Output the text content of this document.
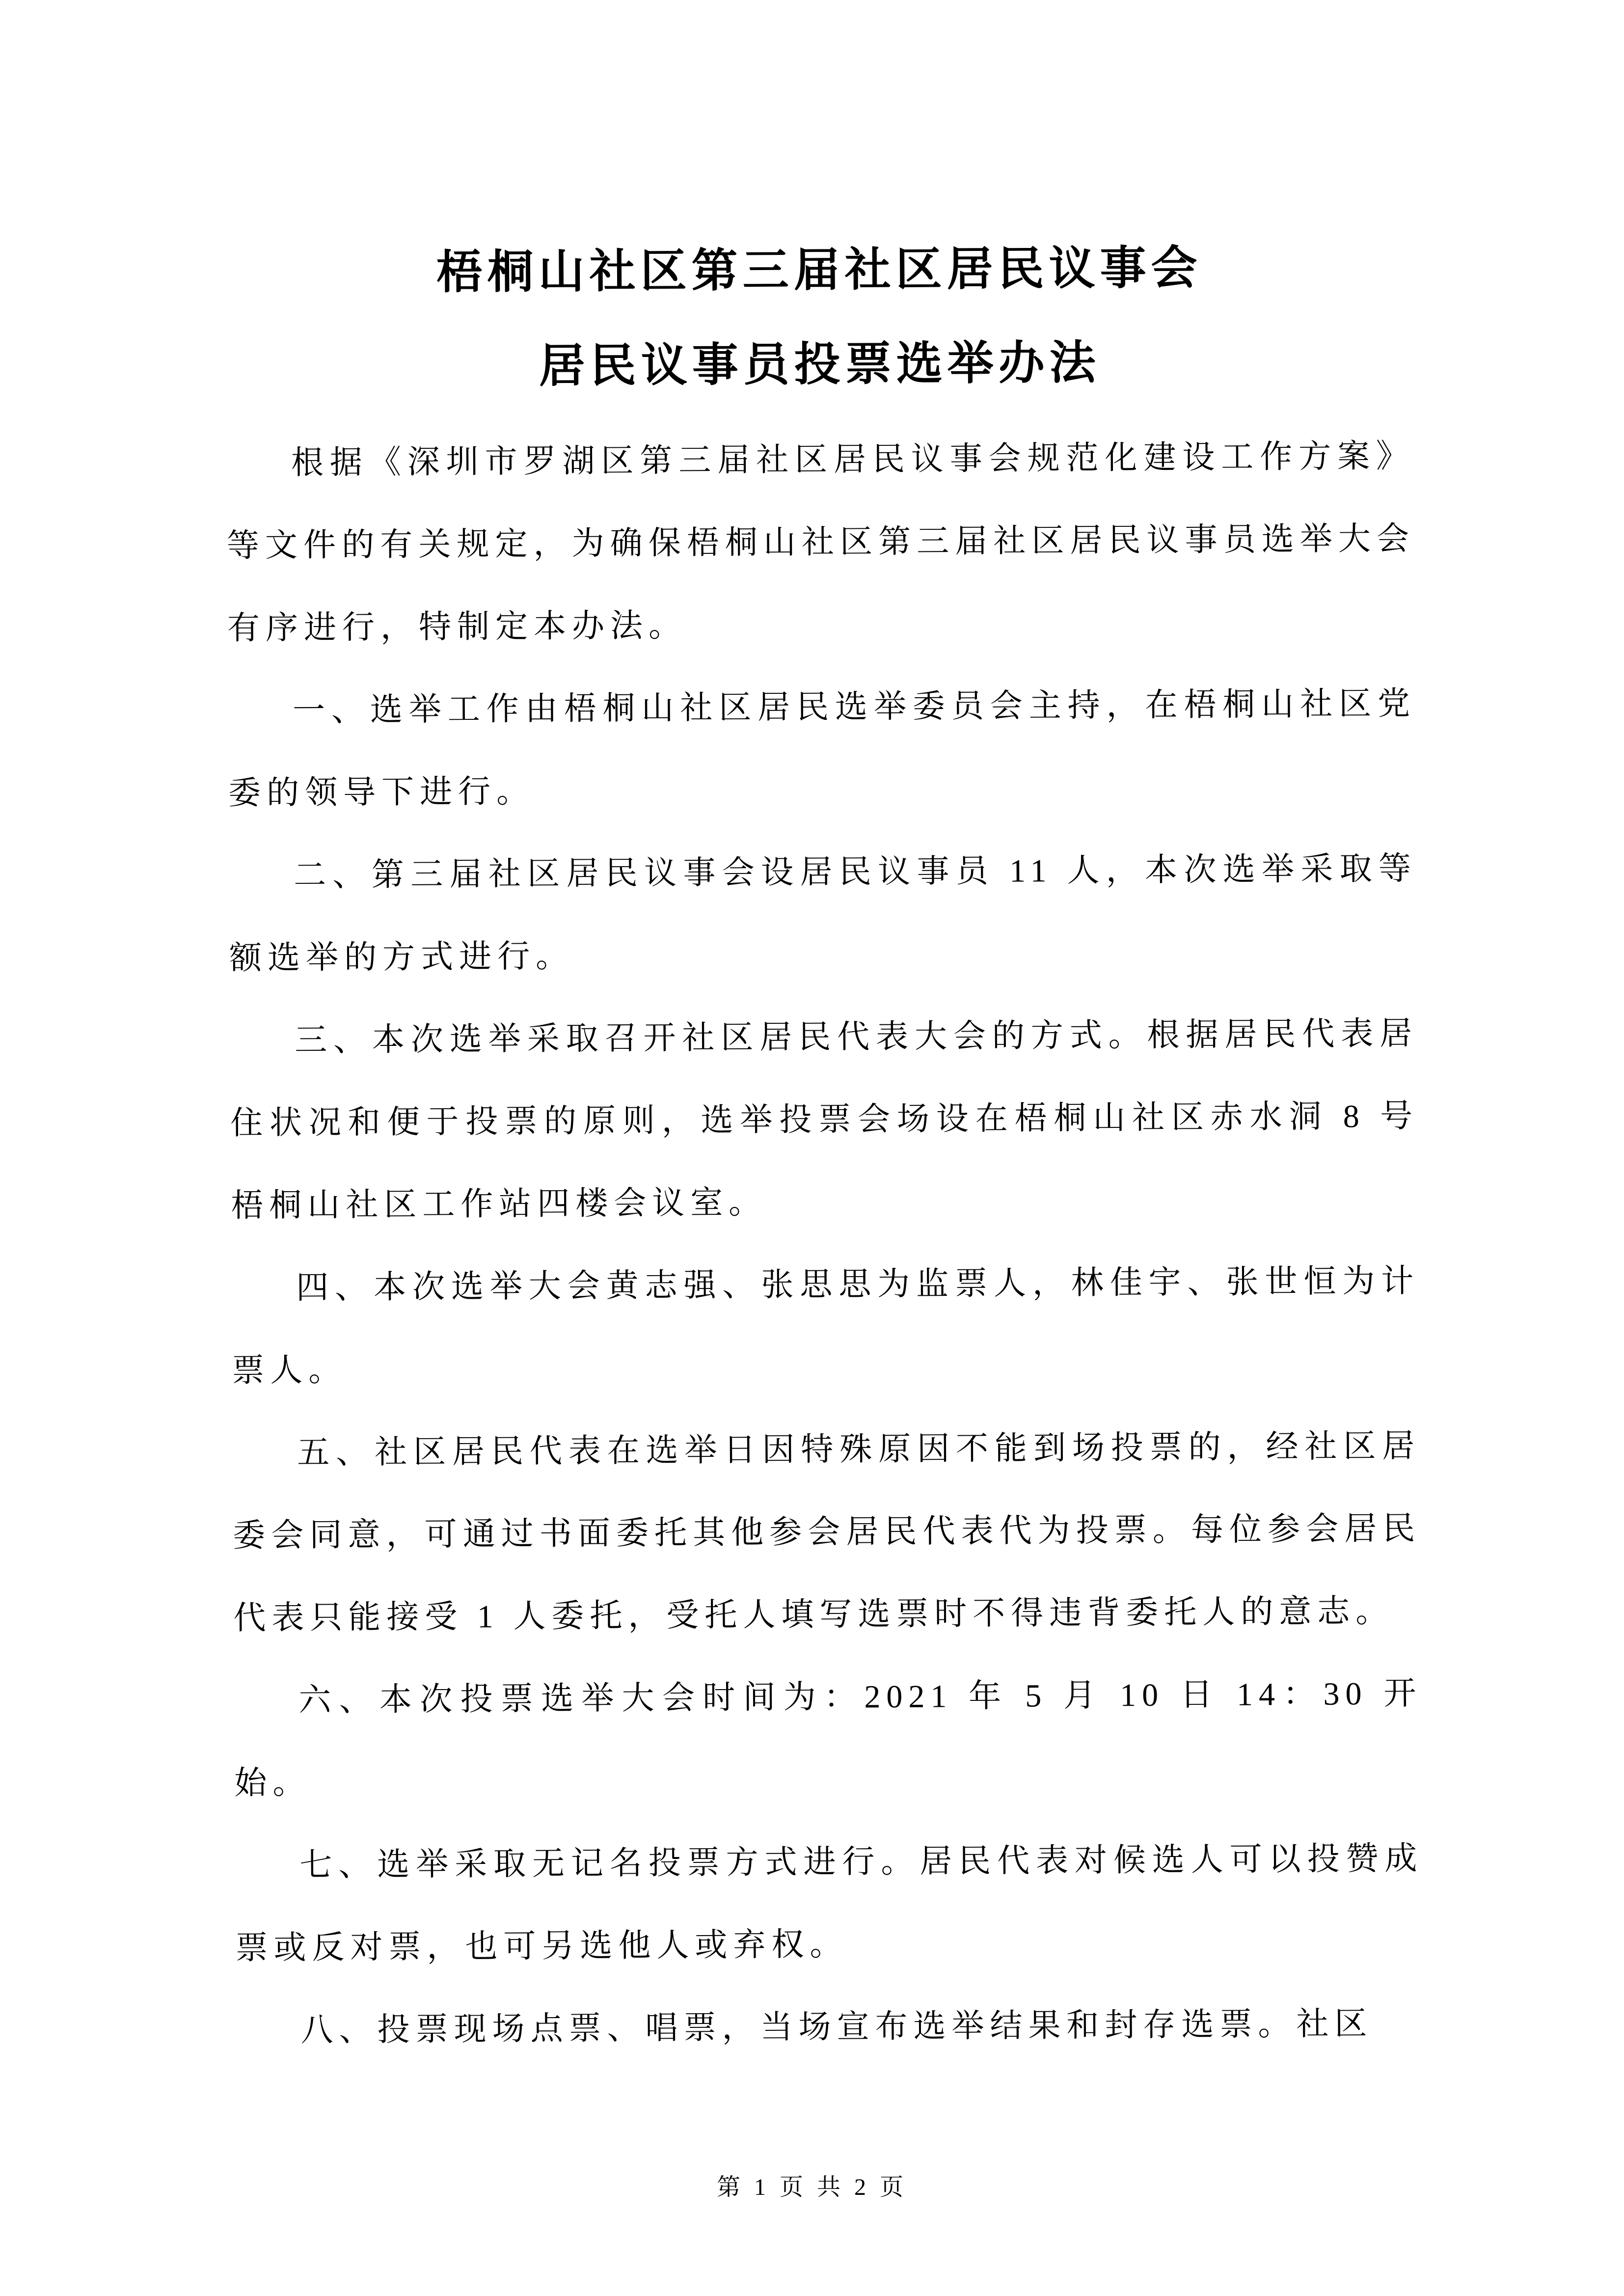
梧桐山社区第三届社区居民议事会
居民议事员投票选举办法

根据《深圳市罗湖区第三届社区居民议事会规范化建设工作方案》等文件的有关规定，为确保梧桐山社区第三届社区居民议事员选举大会有序进行，特制定本办法。

一、选举工作由梧桐山社区居民选举委员会主持，在梧桐山社区党委的领导下进行。

二、第三届社区居民议事会设居民议事员 11 人，本次选举采取等额选举的方式进行。

三、本次选举采取召开社区居民代表大会的方式。根据居民代表居住状况和便于投票的原则，选举投票会场设在梧桐山社区赤水洞 8 号梧桐山社区工作站四楼会议室。

四、本次选举大会黄志强、张思思为监票人，林佳宇、张世恒为计票人。

五、社区居民代表在选举日因特殊原因不能到场投票的，经社区居委会同意，可通过书面委托其他参会居民代表代为投票。每位参会居民代表只能接受 1 人委托，受托人填写选票时不得违背委托人的意志。

六、本次投票选举大会时间为：2021 年 5 月 10 日 14：30 开始。

七、选举采取无记名投票方式进行。居民代表对候选人可以投赞成票或反对票，也可另选他人或弃权。

八、投票现场点票、唱票，当场宣布选举结果和封存选票。社区

第 1 页 共 2 页
